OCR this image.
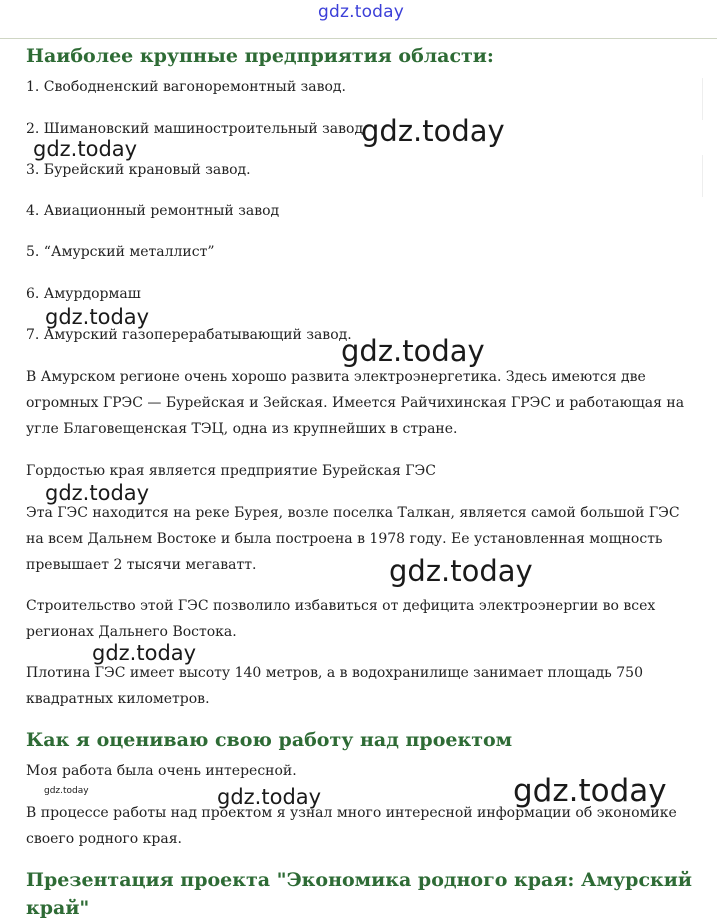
gdz.today
Наиболее крупные предприятия области:

1. Свободненский вагоноремонтный завод.

2. Шимановский машиностроительный завод

3. Бурейский крановый завод.

4. Авиационный ремонтный завод

5. “Амурский металлист”

6. Амурдормаш

7. Амурский газоперерабатывающий завод.

В Амурском регионе очень хорошо развита электроэнергетика. Здесь имеются две огромных ГРЭС — Бурейская и Зейская. Имеется Райчихинская ГРЭС и работающая на угле Благовещенская ТЭЦ, одна из крупнейших в стране.

Гордостью края является предприятие Бурейская ГЭС

Эта ГЭС находится на реке Бурея, возле поселка Талкан, является самой большой ГЭС на всем Дальнем Востоке и была построена в 1978 году. Ее установленная мощность превышает 2 тысячи мегаватт.

Строительство этой ГЭС позволило избавиться от дефицита электроэнергии во всех регионах Дальнего Востока.

Плотина ГЭС имеет высоту 140 метров, а в водохранилище занимает площадь 750 квадратных километров.

Как я оцениваю свою работу над проектом

Моя работа была очень интересной.

В процессе работы над проектом я узнал много интересной информации об экономике своего родного края.

Презентация проекта "Экономика родного края: Амурский край"
gdz.today
gdz.today
gdz.today
gdz.today
gdz.today
gdz.today
gdz.today
gdz.today
gdz.today	gdz.today
